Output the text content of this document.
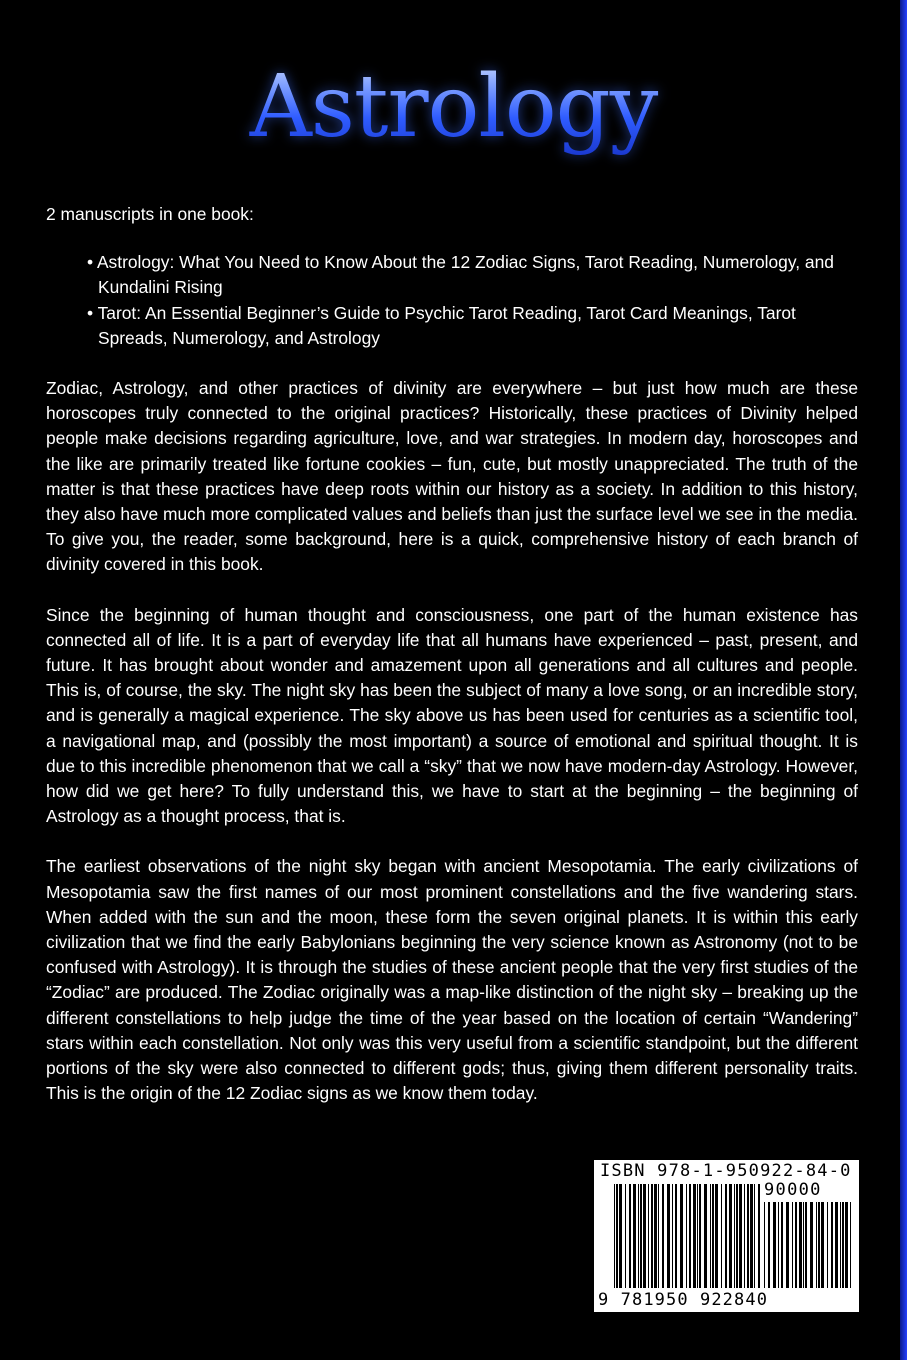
Astrology

2 manuscripts in one book:

• Astrology: What You Need to Know About the 12 Zodiac Signs, Tarot Reading, Numerology, and Kundalini Rising
• Tarot: An Essential Beginner’s Guide to Psychic Tarot Reading, Tarot Card Meanings, Tarot Spreads, Numerology, and Astrology

Zodiac, Astrology, and other practices of divinity are everywhere – but just how much are these horoscopes truly connected to the original practices? Historically, these practices of Divinity helped people make decisions regarding agriculture, love, and war strategies. In modern day, horoscopes and the like are primarily treated like fortune cookies – fun, cute, but mostly unappreciated. The truth of the matter is that these practices have deep roots within our history as a society. In addition to this history, they also have much more complicated values and beliefs than just the surface level we see in the media. To give you, the reader, some background, here is a quick, comprehensive history of each branch of divinity covered in this book.

Since the beginning of human thought and consciousness, one part of the human existence has connected all of life. It is a part of everyday life that all humans have experienced – past, present, and future. It has brought about wonder and amazement upon all generations and all cultures and people. This is, of course, the sky. The night sky has been the subject of many a love song, or an incredible story, and is generally a magical experience. The sky above us has been used for centuries as a scientific tool, a navigational map, and (possibly the most important) a source of emotional and spiritual thought. It is due to this incredible phenomenon that we call a “sky” that we now have modern-day Astrology. However, how did we get here? To fully understand this, we have to start at the beginning – the beginning of Astrology as a thought process, that is.

The earliest observations of the night sky began with ancient Mesopotamia. The early civilizations of Mesopotamia saw the first names of our most prominent constellations and the five wandering stars. When added with the sun and the moon, these form the seven original planets. It is within this early civilization that we find the early Babylonians beginning the very science known as Astronomy (not to be confused with Astrology). It is through the studies of these ancient people that the very first studies of the “Zodiac” are produced. The Zodiac originally was a map-like distinction of the night sky – breaking up the different constellations to help judge the time of the year based on the location of certain “Wandering” stars within each constellation. Not only was this very useful from a scientific standpoint, but the different portions of the sky were also connected to different gods; thus, giving them different personality traits. This is the origin of the 12 Zodiac signs as we know them today.

ISBN 978-1-950922-84-0
90000
9 781950 922840
